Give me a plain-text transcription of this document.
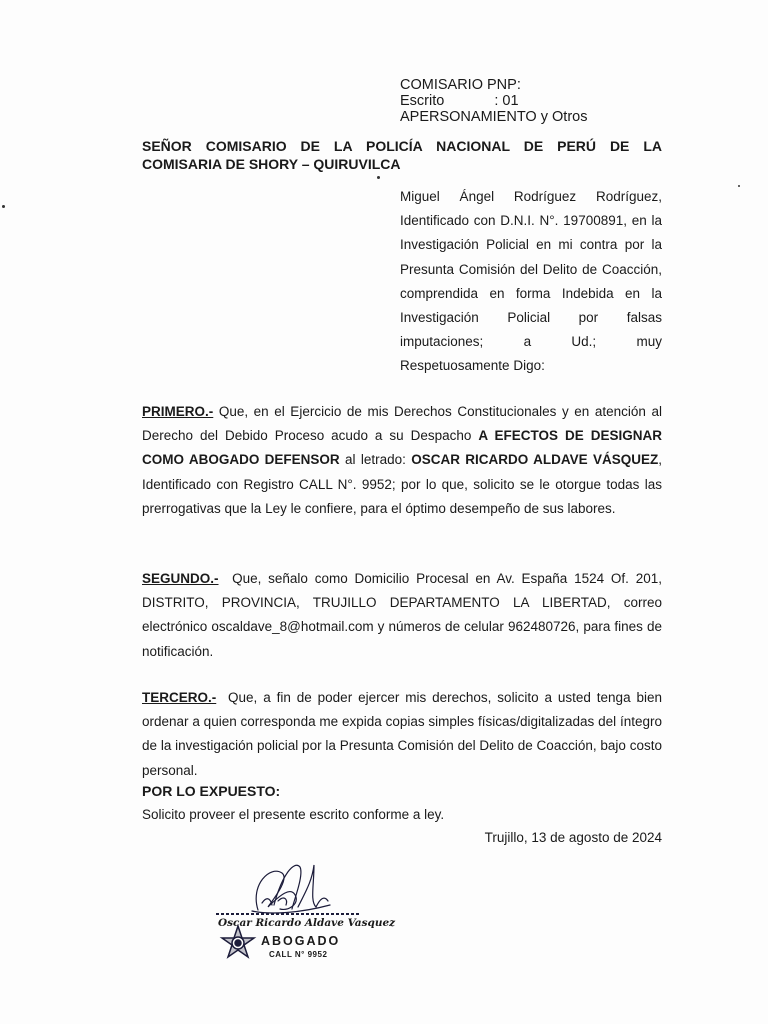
COMISARIO PNP:
Escrito	: 01
APERSONAMIENTO y Otros
SEÑOR COMISARIO DE LA POLICÍA NACIONAL DE PERÚ DE LA
COMISARIA DE SHORY – QUIRUVILCA
Miguel Ángel Rodríguez Rodríguez, Identificado con D.N.I. N°. 19700891, en la Investigación Policial en mi contra por la Presunta Comisión del Delito de Coacción, comprendida en forma Indebida en la Investigación Policial por falsas imputaciones; a Ud.; muy Respetuosamente Digo:
PRIMERO.- Que, en el Ejercicio de mis Derechos Constitucionales y en atención al Derecho del Debido Proceso acudo a su Despacho A EFECTOS DE DESIGNAR COMO ABOGADO DEFENSOR al letrado: OSCAR RICARDO ALDAVE VÁSQUEZ, Identificado con Registro CALL N°. 9952; por lo que, solicito se le otorgue todas las prerrogativas que la Ley le confiere, para el óptimo desempeño de sus labores.
SEGUNDO.-  Que, señalo como Domicilio Procesal en Av. España 1524 Of. 201, DISTRITO, PROVINCIA, TRUJILLO DEPARTAMENTO LA LIBERTAD, correo electrónico oscaldave_8@hotmail.com y números de celular 962480726, para fines de notificación.
TERCERO.-  Que, a fin de poder ejercer mis derechos, solicito a usted tenga bien ordenar a quien corresponda me expida copias simples físicas/digitalizadas del íntegro de la investigación policial por la Presunta Comisión del Delito de Coacción, bajo costo personal.
POR LO EXPUESTO:
Solicito proveer el presente escrito conforme a ley.
Trujillo, 13 de agosto de 2024
Oscar Ricardo Aldave Vasquez
ABOGADO
CALL N° 9952
